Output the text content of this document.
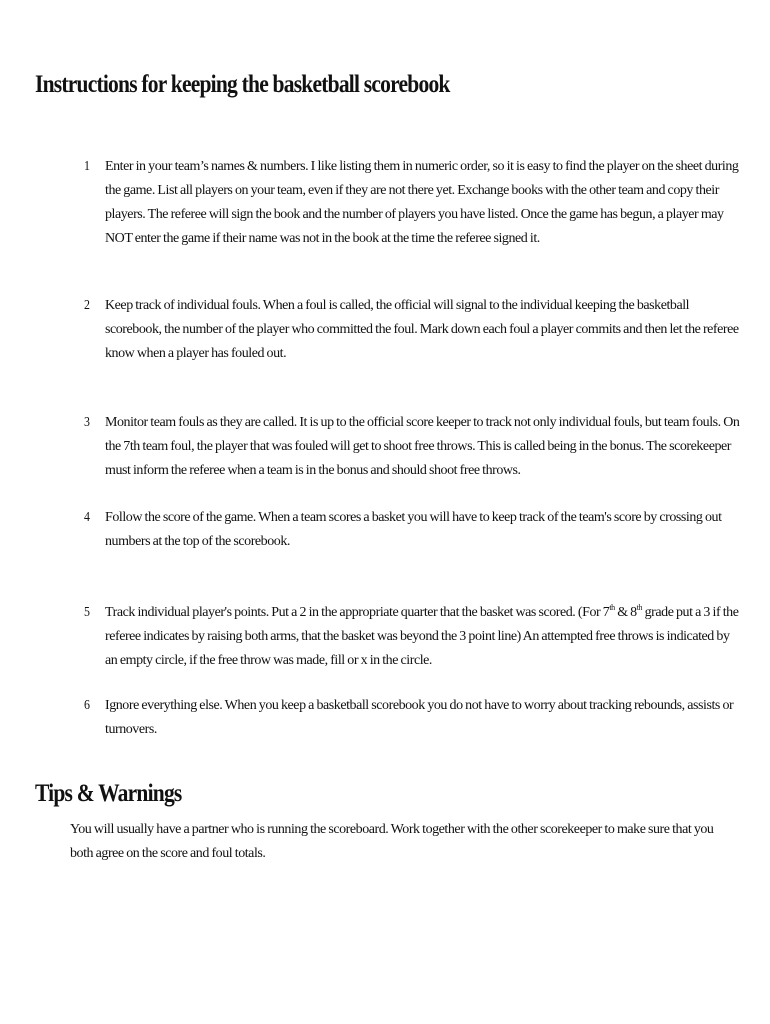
Instructions for keeping the basketball scorebook
1	Enter in your team’s names & numbers. I like listing them in numeric order, so it is easy to find the player on the sheet during the game. List all players on your team, even if they are not there yet. Exchange books with the other team and copy their players. The referee will sign the book and the number of players you have listed. Once the game has begun, a player may NOT enter the game if their name was not in the book at the time the referee signed it.
2	Keep track of individual fouls. When a foul is called, the official will signal to the individual keeping the basketball scorebook, the number of the player who committed the foul. Mark down each foul a player commits and then let the referee know when a player has fouled out.
3	Monitor team fouls as they are called. It is up to the official score keeper to track not only individual fouls, but team fouls. On the 7th team foul, the player that was fouled will get to shoot free throws. This is called being in the bonus. The scorekeeper must inform the referee when a team is in the bonus and should shoot free throws.
4	Follow the score of the game. When a team scores a basket you will have to keep track of the team's score by crossing out numbers at the top of the scorebook.
5	Track individual player's points. Put a 2 in the appropriate quarter that the basket was scored. (For 7th & 8th grade put a 3 if the referee indicates by raising both arms, that the basket was beyond the 3 point line) An attempted free throws is indicated by an empty circle, if the free throw was made, fill or x in the circle.
6	Ignore everything else. When you keep a basketball scorebook you do not have to worry about tracking rebounds, assists or turnovers.
Tips & Warnings

You will usually have a partner who is running the scoreboard. Work together with the other scorekeeper to make sure that you both agree on the score and foul totals.
